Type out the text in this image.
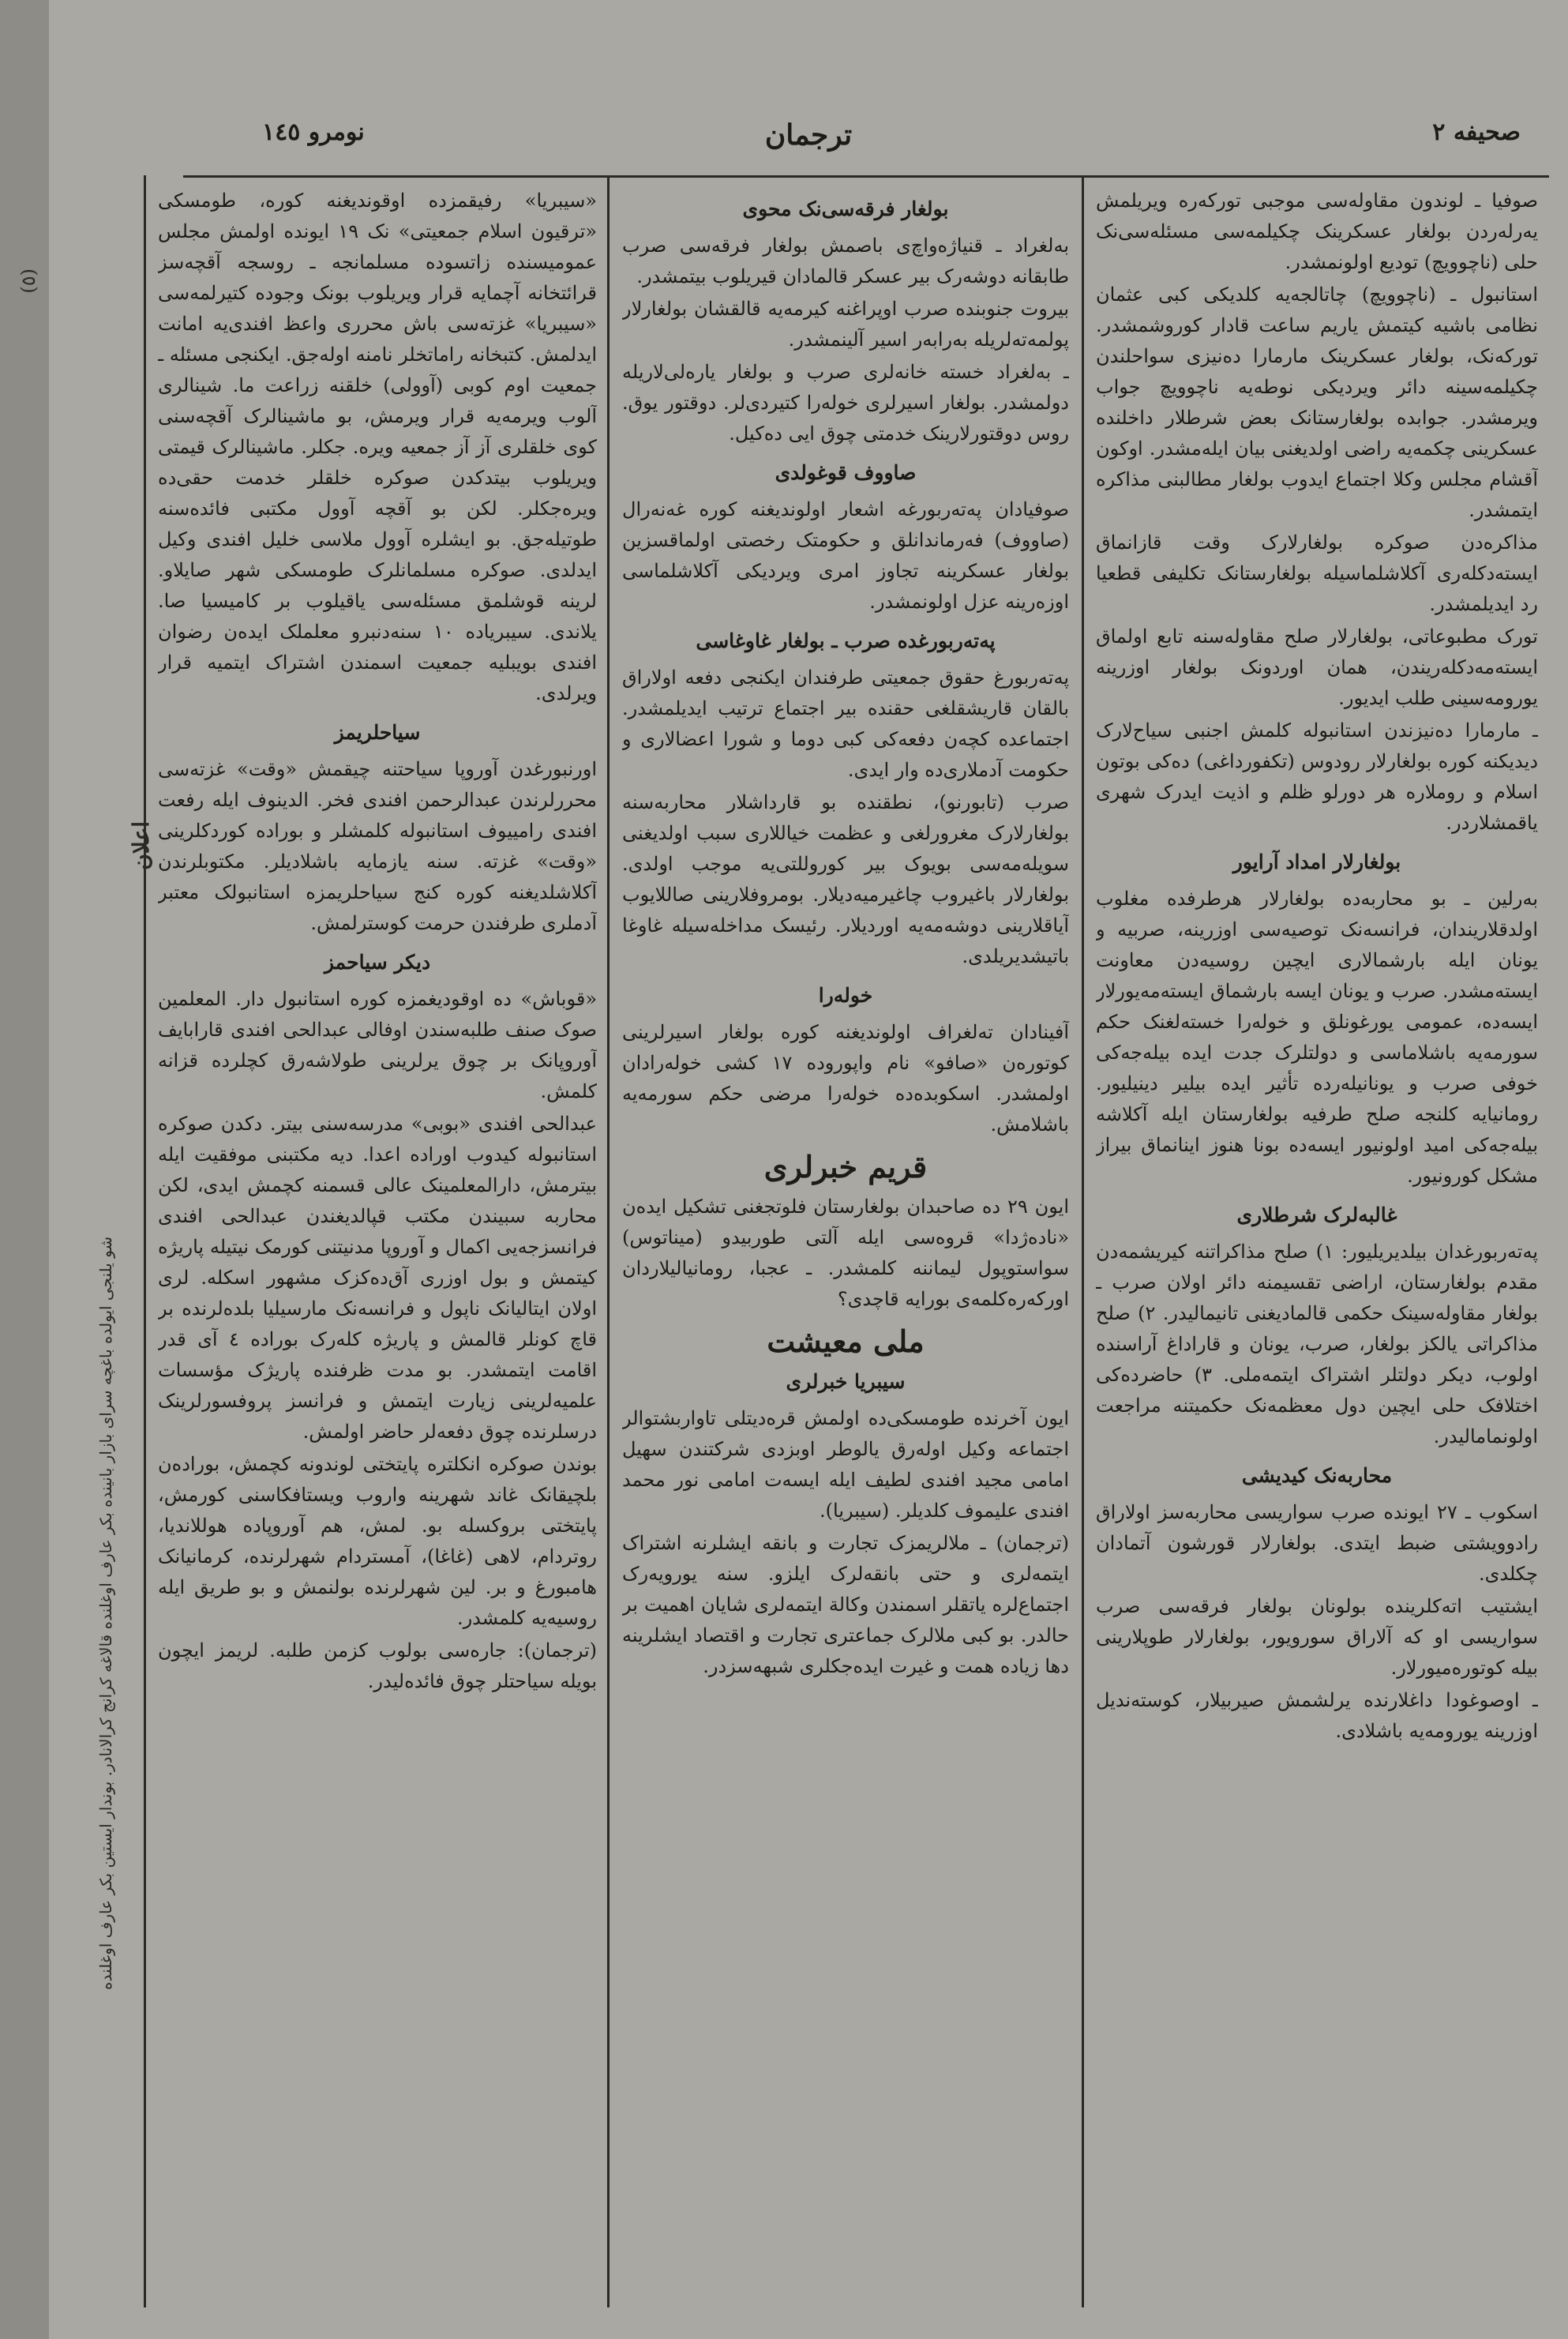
صحیفه ۲
ترجمان
نومرو ۱٤٥
(٥)
اعلان
شو یلنجی ایولده باغچه سرای بازار بانینده بکر عارف اوغلنده قالاغه کرانج کرالانادر. بوندار ایستین بکر عارف اوغلنده

صوفیا ـ لوندون مقاوله‌سی موجبی تورکه‌ره ویریلمش یه‌رله‌ردن بولغار عسکرینک چکیلمه‌سی مسئله‌سی‌نک حلی (ناچوویچ) تودیع اولونمشدر.

استانبول ـ (ناچوویچ) چاتالجه‌یه کلدیکی کبی عثمان نظامی باشیه کیتمش یاریم ساعت قادار کوروشمشدر. تورکه‌نک، بولغار عسکرینک مارمارا دەنیزی سواحلندن چکیلمه‌سینه دائر ویردیکی نوطه‌یه ناچوویچ جواب ویرمشدر. جوابده بولغارستانک بعض شرطلار داخلنده عسکرینی چکمه‌یه راضی اولدیغنی بیان ایله‌مشدر. اوکون آقشام مجلس وکلا اجتماع ایدوب بولغار مطالبنی مذاکره ایتمشدر.

مذاکره‌دن صوکره بولغارلارک وقت قازانماق ایسته‌دکله‌ری آکلاشلماسیله بولغارستانک تکلیفی قطعیا رد ایدیلمشدر.

تورک مطبوعاتی، بولغارلار صلح مقاوله‌سنه تابع اولماق ایسته‌مه‌دکله‌ریندن، همان اوردونک بولغار اوزرینه یورومه‌سینی طلب ایدیور.

ـ مارمارا دەنیزندن استانبوله کلمش اجنبی سیاح‌لارک دیدیکنه کوره بولغارلار رودوس (تکفورداغی) ده‌کی بوتون اسلام و روملاره هر دورلو ظلم و اذیت ایدرک شهری یاقمشلاردر.

بولغارلار امداد آرایور

بەرلین ـ بو محاربه‌ده بولغارلار هرطرفده مغلوب اولدقلاریندان، فرانسه‌نک توصیه‌سی اوزرینه، صربیه و یونان ایله بارشمالاری ایچین روسیه‌دن معاونت ایسته‌مشدر. صرب و یونان ایسه بارشماق ایسته‌مه‌یورلار ایسه‌ده، عمومی یورغونلق و خوله‌را خسته‌لغنک حکم سورمه‌یه باشلاماسی و دولتلرک جدت ایده بیله‌جه‌کی خوفی صرب و یونانیله‌رده تأثیر ایده بیلیر دینیلیور. رومانیایه کلنجه صلح طرفیه بولغارستان ایله آکلاشه بیله‌جه‌کی امید اولونیور ایسه‌ده بونا هنوز اینانماق بیراز مشکل کورونیور.

غالبه‌لرک شرطلاری

پەتەربورغدان بیلدیریلیور: ۱) صلح مذاکراتنه کیریشمه‌دن مقدم بولغارستان، اراضی تقسیمنه دائر اولان صرب ـ بولغار مقاوله‌سینک حکمی قالمادیغنی تانیمالیدر. ۲) صلح مذاکراتی یالکز بولغار، صرب، یونان و قاراداغ آراسنده اولوب، دیکر دولتلر اشتراک ایتمه‌ملی. ۳) حاضرده‌کی اختلافک حلی ایچین دول معظمه‌نک حکمیتنه مراجعت اولونمامالیدر.

محاربه‌نک کیدیشی

اسکوب ـ ۲۷ ایونده صرب سواریسی محاربه‌سز اولاراق رادوویشتی ضبط ایتدی. بولغارلار قورشون آتمادان چکلدی.

ایشتیب اته‌کلرینده بولونان بولغار فرقه‌سی صرب سواریسی او که آلاراق سورویور، بولغارلار طوپلارینی بیله کوتوره‌میورلار.

ـ اوصوغودا داغلارنده یرلشمش صیربیلار، کوسته‌ندیل اوزرینه یورومه‌یه باشلادی.

بولغار فرقه‌سی‌نک محوی

بەلغراد ـ قنیاژەواچ‌ی باصمش بولغار فرقه‌سی صرب طابقانه دوشه‌رک بیر عسکر قالمادان قیریلوب بیتمشدر.

بیروت جنوبنده صرب اوپراغنه کیرمه‌یه قالقشان بولغارلار پولمه‌ته‌لریله بەرابەر اسیر آلینمشدر.

ـ بەلغراد خسته خانه‌لری صرب و بولغار یاره‌لی‌لاریله دولمشدر. بولغار اسیرلری خوله‌را کتیردی‌لر. دوقتور یوق. روس دوقتورلارینک خدمتی چوق ایی ده‌کیل.

صاووف قوغولدی

صوفیادان پەتەربورغه اشعار اولوندیغنه کوره غه‌نه‌رال (صاووف) فەرماندانلق و حکومتک رخصتی اولماقسزین بولغار عسکرینه تجاوز امری ویردیکی آکلاشلماسی اوزەرینه عزل اولونمشدر.

پەتەربورغده صرب ـ بولغار غاوغاسی

پەتەربورغ حقوق جمعیتی طرفندان ایکنجی دفعه اولاراق بالقان قاریشقلغی حقنده بیر اجتماع ترتیب ایدیلمشدر. اجتماعده کچه‌ن دفعه‌کی کبی دوما و شورا اعضالاری و حکومت آدملاری‌ده وار ایدی.

صرب (تابورنو)، نطقنده بو قارداشلار محاربه‌سنه بولغارلارک مغرورلغی و عظمت خیاللاری سبب اولدیغنی سویله‌مه‌سی بویوک بیر کوروللتی‌یه موجب اولدی. بولغارلار باغیروب چاغیرمیه‌دیلار. بومروفلارینی صاللایوب آیاقلارینی دوشه‌مه‌یه اوردیلار. رئیسک مداخله‌سیله غاوغا باتیشدیریلدی.

خوله‌را

آفینادان تەلغراف اولوندیغنه کوره بولغار اسیرلرینی کوتورەن «صافو» نام واپوروده ۱۷ کشی خوله‌رادان اولمشدر. اسکوبده‌ده خوله‌را مرضی حکم سورمه‌یه باشلامش.

قریم خبرلری

ایون ۲۹ ده صاحبدان بولغارستان فلوتجغنی تشکیل ایدەن «نادەژدا» قروه‌سی ایله آلتی طوربیدو (میناتوس) سواستوپول لیماننه کلمشدر. ـ عجبا، رومانیالیلاردان اورکه‌رەکلمه‌ی بورایه قاچدی؟

ملی معیشت
سیبریا خبرلری

ایون آخرنده طومسکی‌ده اولمش قره‌دیتلی تاواربشتوالر اجتماعه وکیل اولەرق یالوطر اوبزدی شرکتندن سهیل امامی مجید افندی لطیف ایله ایسه‌ت امامی نور محمد افندی علیموف کلدیلر. (سیبریا).

(ترجمان) ـ ملالریمزک تجارت و بانقه ایشلرنه اشتراک ایتمه‌لری و حتی بانقه‌لرک ایلزو. سنه یورویه‌رک اجتماع‌لره یاتقلر اسمندن وکالة ایتمه‌لری شایان اهمیت بر حالدر. بو کبی ملالرک جماعتری تجارت و اقتصاد ایشلرینه دها زیاده همت و غیرت ایده‌جکلری شبهه‌سزدر.

«سیبریا» رفیقمزده اوقوندیغنه کوره، طومسکی «ترقیون اسلام جمعیتی» نک ۱۹ ایونده اولمش مجلس عمومیسنده زاتسوده مسلمانجه ـ روسجه آقچه‌سز قرائتخانه آچمایه قرار ویریلوب بونک وجوده کتیرلمه‌سی «سیبریا» غزته‌سی باش محرری واعظ افندی‌یه امانت ایدلمش. کتبخانه راماتخلر نامنه اولەجق. ایکنجی مسئله ـ جمعیت اوم کوبی (آوولی) خلقنه زراعت ما. شینالری آلوب ویرمه‌یه قرار ویرمش، بو ماشینالرک آقچه‌سنی کوی خلقلری آز آز جمعیه ویره. جکلر. ماشینالرک قیمتی ویریلوب بیتدکدن صوکره خلقلر خدمت حقی‌ده ویره‌جکلر. لکن بو آقچه آوول مکتبی فائده‌سنه طوتیله‌جق. بو ایشلره آوول ملاسی خلیل افندی وکیل ایدلدی. صوکره مسلمانلرک طومسکی شهر صایلاو. لرینه قوشلمق مسئله‌سی یاقیلوب بر کامیسیا صا. یلاندی. سیبریاده ۱۰ سنه‌دنبرو معلملک ایدەن رضوان افندی بویبلیه جمعیت اسمندن اشتراک ایتمیه قرار ویرلدی.

سیاحلریمز

اورنبورغدن آوروپا سیاحتنه چیقمش «وقت» غزته‌سی محررلرندن عبدالرحمن افندی فخر. الدینوف ایله رفعت افندی رامییوف استانبوله کلمشلر و بوراده کوردکلرینی «وقت» غزته. سنه یازمایه باشلادیلر. مکتوبلرندن آکلاشلدیغنه کوره کنج سیاحلریمزه استانبولک معتبر آدملری طرفندن حرمت کوسترلمش.

دیکر سیاحمز

«قوباش» ده اوقودیغمزه کوره استانبول دار. المعلمین صوک صنف طلبه‌سندن اوفالی عبدالحی افندی قارابایف آوروپانک بر چوق یرلرینی طولاشه‌رق کچلرده قزانه کلمش.

عبدالحی افندی «بوبی» مدرسه‌سنی بیتر. دکدن صوکره استانبوله کیدوب اوراده اعدا. دیه مکتبنی موفقیت ایله بیترمش، دارالمعلمینک عالی قسمنه کچمش ایدی، لکن محاربه سبیندن مکتب قپالدیغندن عبدالحی افندی فرانسزجه‌یی اکمال و آوروپا مدنیتنی کورمک نیتیله پاریژه کیتمش و بول اوزری آق‌دەکزک مشهور اسکله. لری اولان ایتالیانک ناپول و فرانسه‌نک مارسیلیا بلدەلرنده بر قاچ کونلر قالمش و پاریژه کله‌رک بوراده ٤ آی قدر اقامت ایتمشدر. بو مدت ظرفنده پاریژک مؤسسات علمیه‌لرینی زیارت ایتمش و فرانسز پروفسورلرینک درسلرنده چوق دفعه‌لر حاضر اولمش.

بوندن صوکره انکلتره پایتختی لوندونه کچمش، بوراده‌ن بلچیقانک غاند شهرینه واروب ویستافکاسنی کورمش، پایتختی بروکسله بو. لمش، هم آوروپاده هوللاندیا، روتردام، لاهی (غاغا)، آمستردام شهرلرنده، کرمانیانک هامبورغ و بر. لین شهرلرنده بولنمش و بو طریق ایله روسیه‌یه کلمشدر.

(ترجمان): جارەسی بولوب کزمن طلبه. لریمز ایچون بویله سیاحتلر چوق فائده‌لیدر.
